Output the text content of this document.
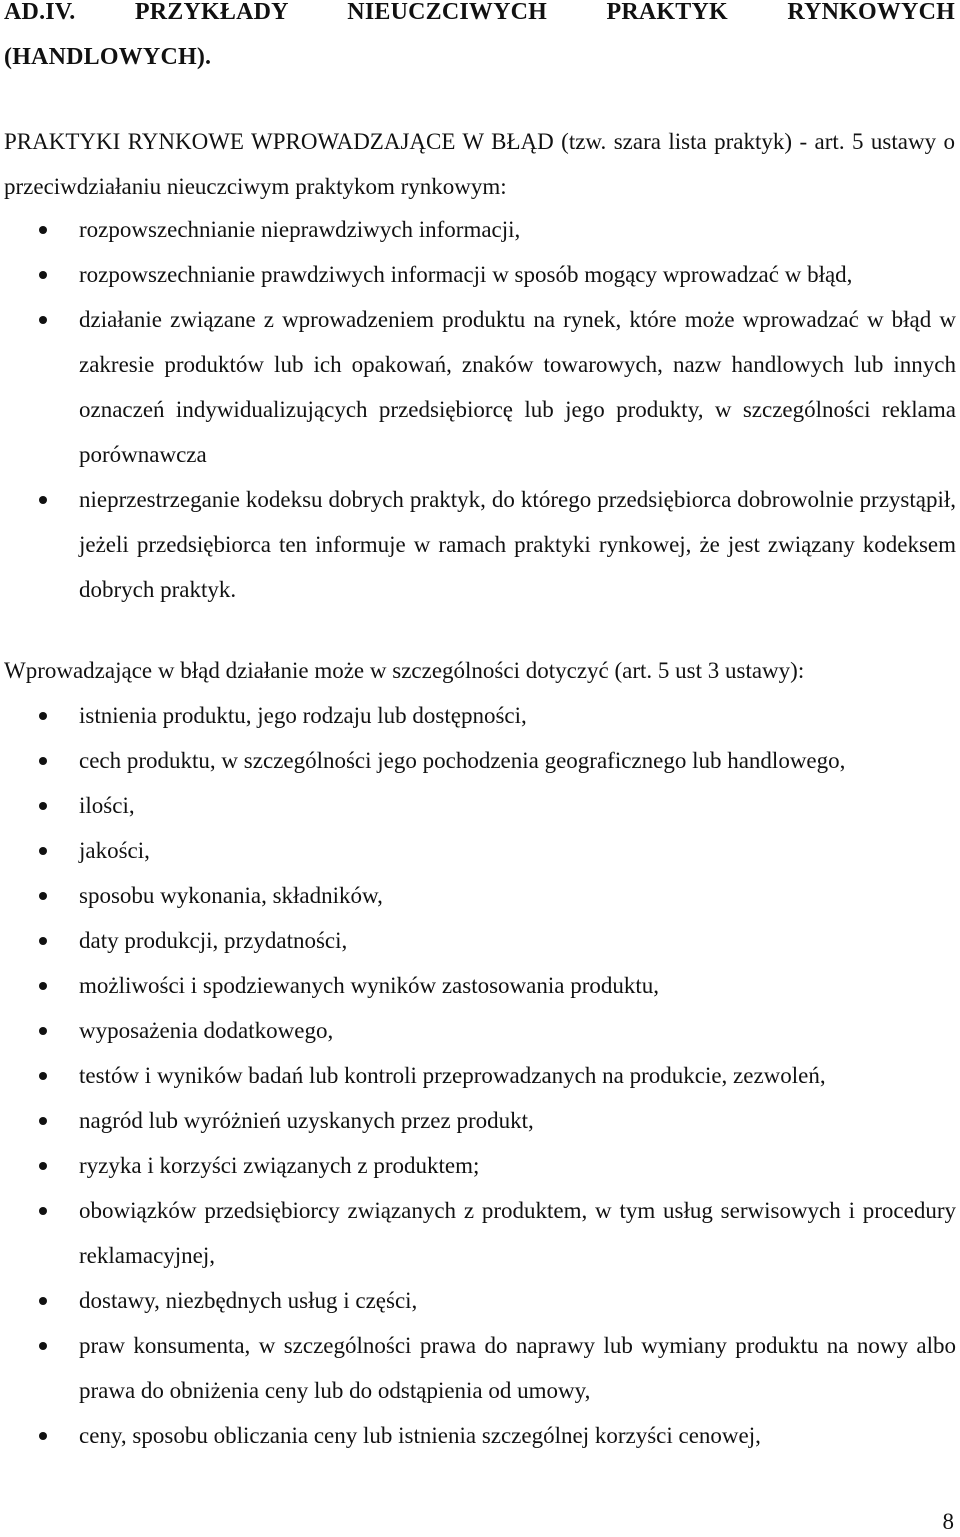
AD.IV. PRZYKŁADY NIEUCZCIWYCH PRAKTYK RYNKOWYCH
(HANDLOWYCH).

PRAKTYKI RYNKOWE WPROWADZAJĄCE W BŁĄD (tzw. szara lista praktyk) - art. 5 ustawy o przeciwdziałaniu nieuczciwym praktykom rynkowym:

rozpowszechnianie nieprawdziwych informacji,
rozpowszechnianie prawdziwych informacji w sposób mogący wprowadzać w błąd,
działanie związane z wprowadzeniem produktu na rynek, które może wprowadzać w błąd w zakresie produktów lub ich opakowań, znaków towarowych, nazw handlowych lub innych oznaczeń indywidualizujących przedsiębiorcę lub jego produkty, w szczególności reklama porównawcza
nieprzestrzeganie kodeksu dobrych praktyk, do którego przedsiębiorca dobrowolnie przystąpił, jeżeli przedsiębiorca ten informuje w ramach praktyki rynkowej, że jest związany kodeksem dobrych praktyk.

Wprowadzające w błąd działanie może w szczególności dotyczyć (art. 5 ust 3 ustawy):

istnienia produktu, jego rodzaju lub dostępności,
cech produktu, w szczególności jego pochodzenia geograficznego lub handlowego,
ilości,
jakości,
sposobu wykonania, składników,
daty produkcji, przydatności,
możliwości i spodziewanych wyników zastosowania produktu,
wyposażenia dodatkowego,
testów i wyników badań lub kontroli przeprowadzanych na produkcie, zezwoleń,
nagród lub wyróżnień uzyskanych przez produkt,
ryzyka i korzyści związanych z produktem;
obowiązków przedsiębiorcy związanych z produktem, w tym usług serwisowych i procedury reklamacyjnej,
dostawy, niezbędnych usług i części,
praw konsumenta, w szczególności prawa do naprawy lub wymiany produktu na nowy albo prawa do obniżenia ceny lub do odstąpienia od umowy,
ceny, sposobu obliczania ceny lub istnienia szczególnej korzyści cenowej,
8
